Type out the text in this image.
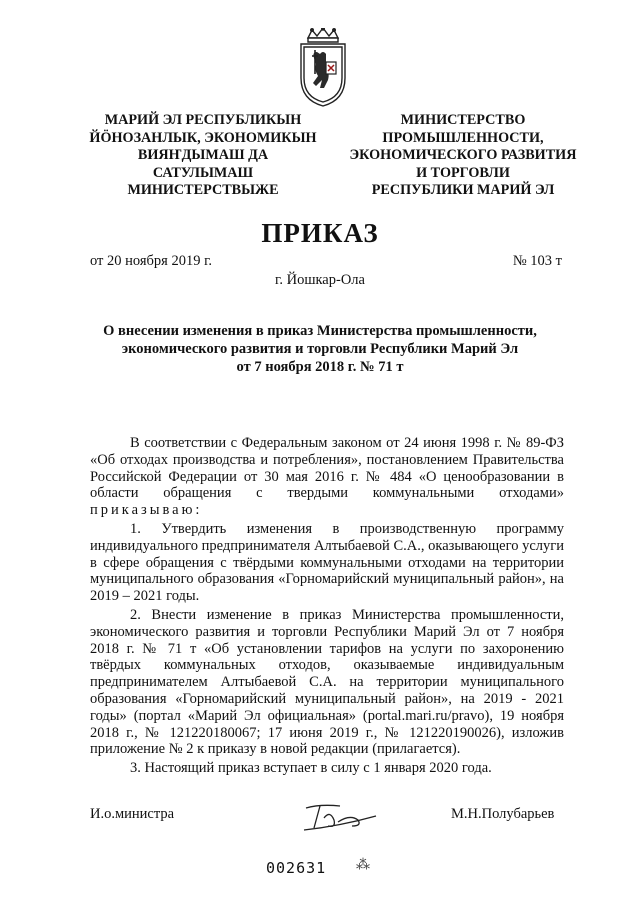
МАРИЙ ЭЛ РЕСПУБЛИКЫН
ЙӦНОЗАНЛЫК, ЭКОНОМИКЫН
ВИЯҤДЫМАШ ДА
САТУЛЫМАШ
МИНИСТЕРСТВЫЖЕ
МИНИСТЕРСТВО
ПРОМЫШЛЕННОСТИ,
ЭКОНОМИЧЕСКОГО РАЗВИТИЯ
И ТОРГОВЛИ
РЕСПУБЛИКИ МАРИЙ ЭЛ
ПРИКАЗ
от 20 ноября 2019 г.	№ 103 т
г. Йошкар-Ола
О внесении изменения в приказ Министерства промышленности,
экономического развития и торговли Республики Марий Эл
от 7 ноября 2018 г. № 71 т

В соответствии с Федеральным законом от 24 июня 1998 г. № 89-ФЗ «Об отходах производства и потребления», постановлением Правительства Российской Федерации от 30 мая 2016 г. № 484 «О ценообразовании в области обращения с твердыми коммунальными отходами» приказываю:

1. Утвердить изменения в производственную программу индивидуального предпринимателя Алтыбаевой С.А., оказывающего услуги в сфере обращения с твёрдыми коммунальными отходами на территории муниципального образования «Горномарийский муниципальный район», на 2019 – 2021 годы.

2. Внести изменение в приказ Министерства промышленности, экономического развития и торговли Республики Марий Эл от 7 ноября 2018 г. № 71 т «Об установлении тарифов на услуги по захоронению твёрдых коммунальных отходов, оказываемые индивидуальным предпринимателем Алтыбаевой С.А. на территории муниципального образования «Горномарийский муниципальный район», на 2019 - 2021 годы» (портал «Марий Эл официальная» (portal.mari.ru/pravo), 19 ноября 2018 г., № 121220180067; 17 июня 2019 г., № 121220190026), изложив приложение № 2 к приказу в новой редакции (прилагается).

3. Настоящий приказ вступает в силу с 1 января 2020 года.

И.о.министра	М.Н.Полубарьев
002631 ⁂
